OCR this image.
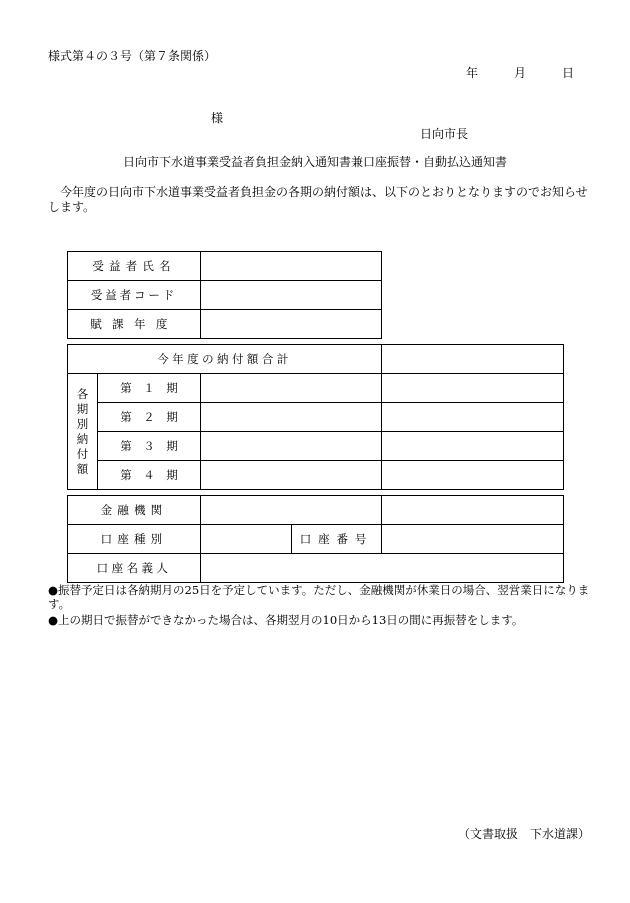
様式第４の３号（第７条関係）
年	月	日
様
日向市長
日向市下水道事業受益者負担金納入通知書兼口座振替・自動払込通知書
今年度の日向市下水道事業受益者負担金の各期の納付額は、以下のとおりとなりますのでお知らせします。
受益者氏名	
受益者コード	
賦課年度	
今年度の納付額合計			

各期別納付額	第　１　期		
	第　２　期		
	第　３　期		
	第　４　期		
金融機関			
口座種別		口座番号	
口座名義人			
●振替予定日は各納期月の25日を予定しています。ただし、金融機関が休業日の場合、翌営業日になります。
●上の期日で振替ができなかった場合は、各期翌月の10日から13日の間に再振替をします。
（文書取扱　下水道課）
